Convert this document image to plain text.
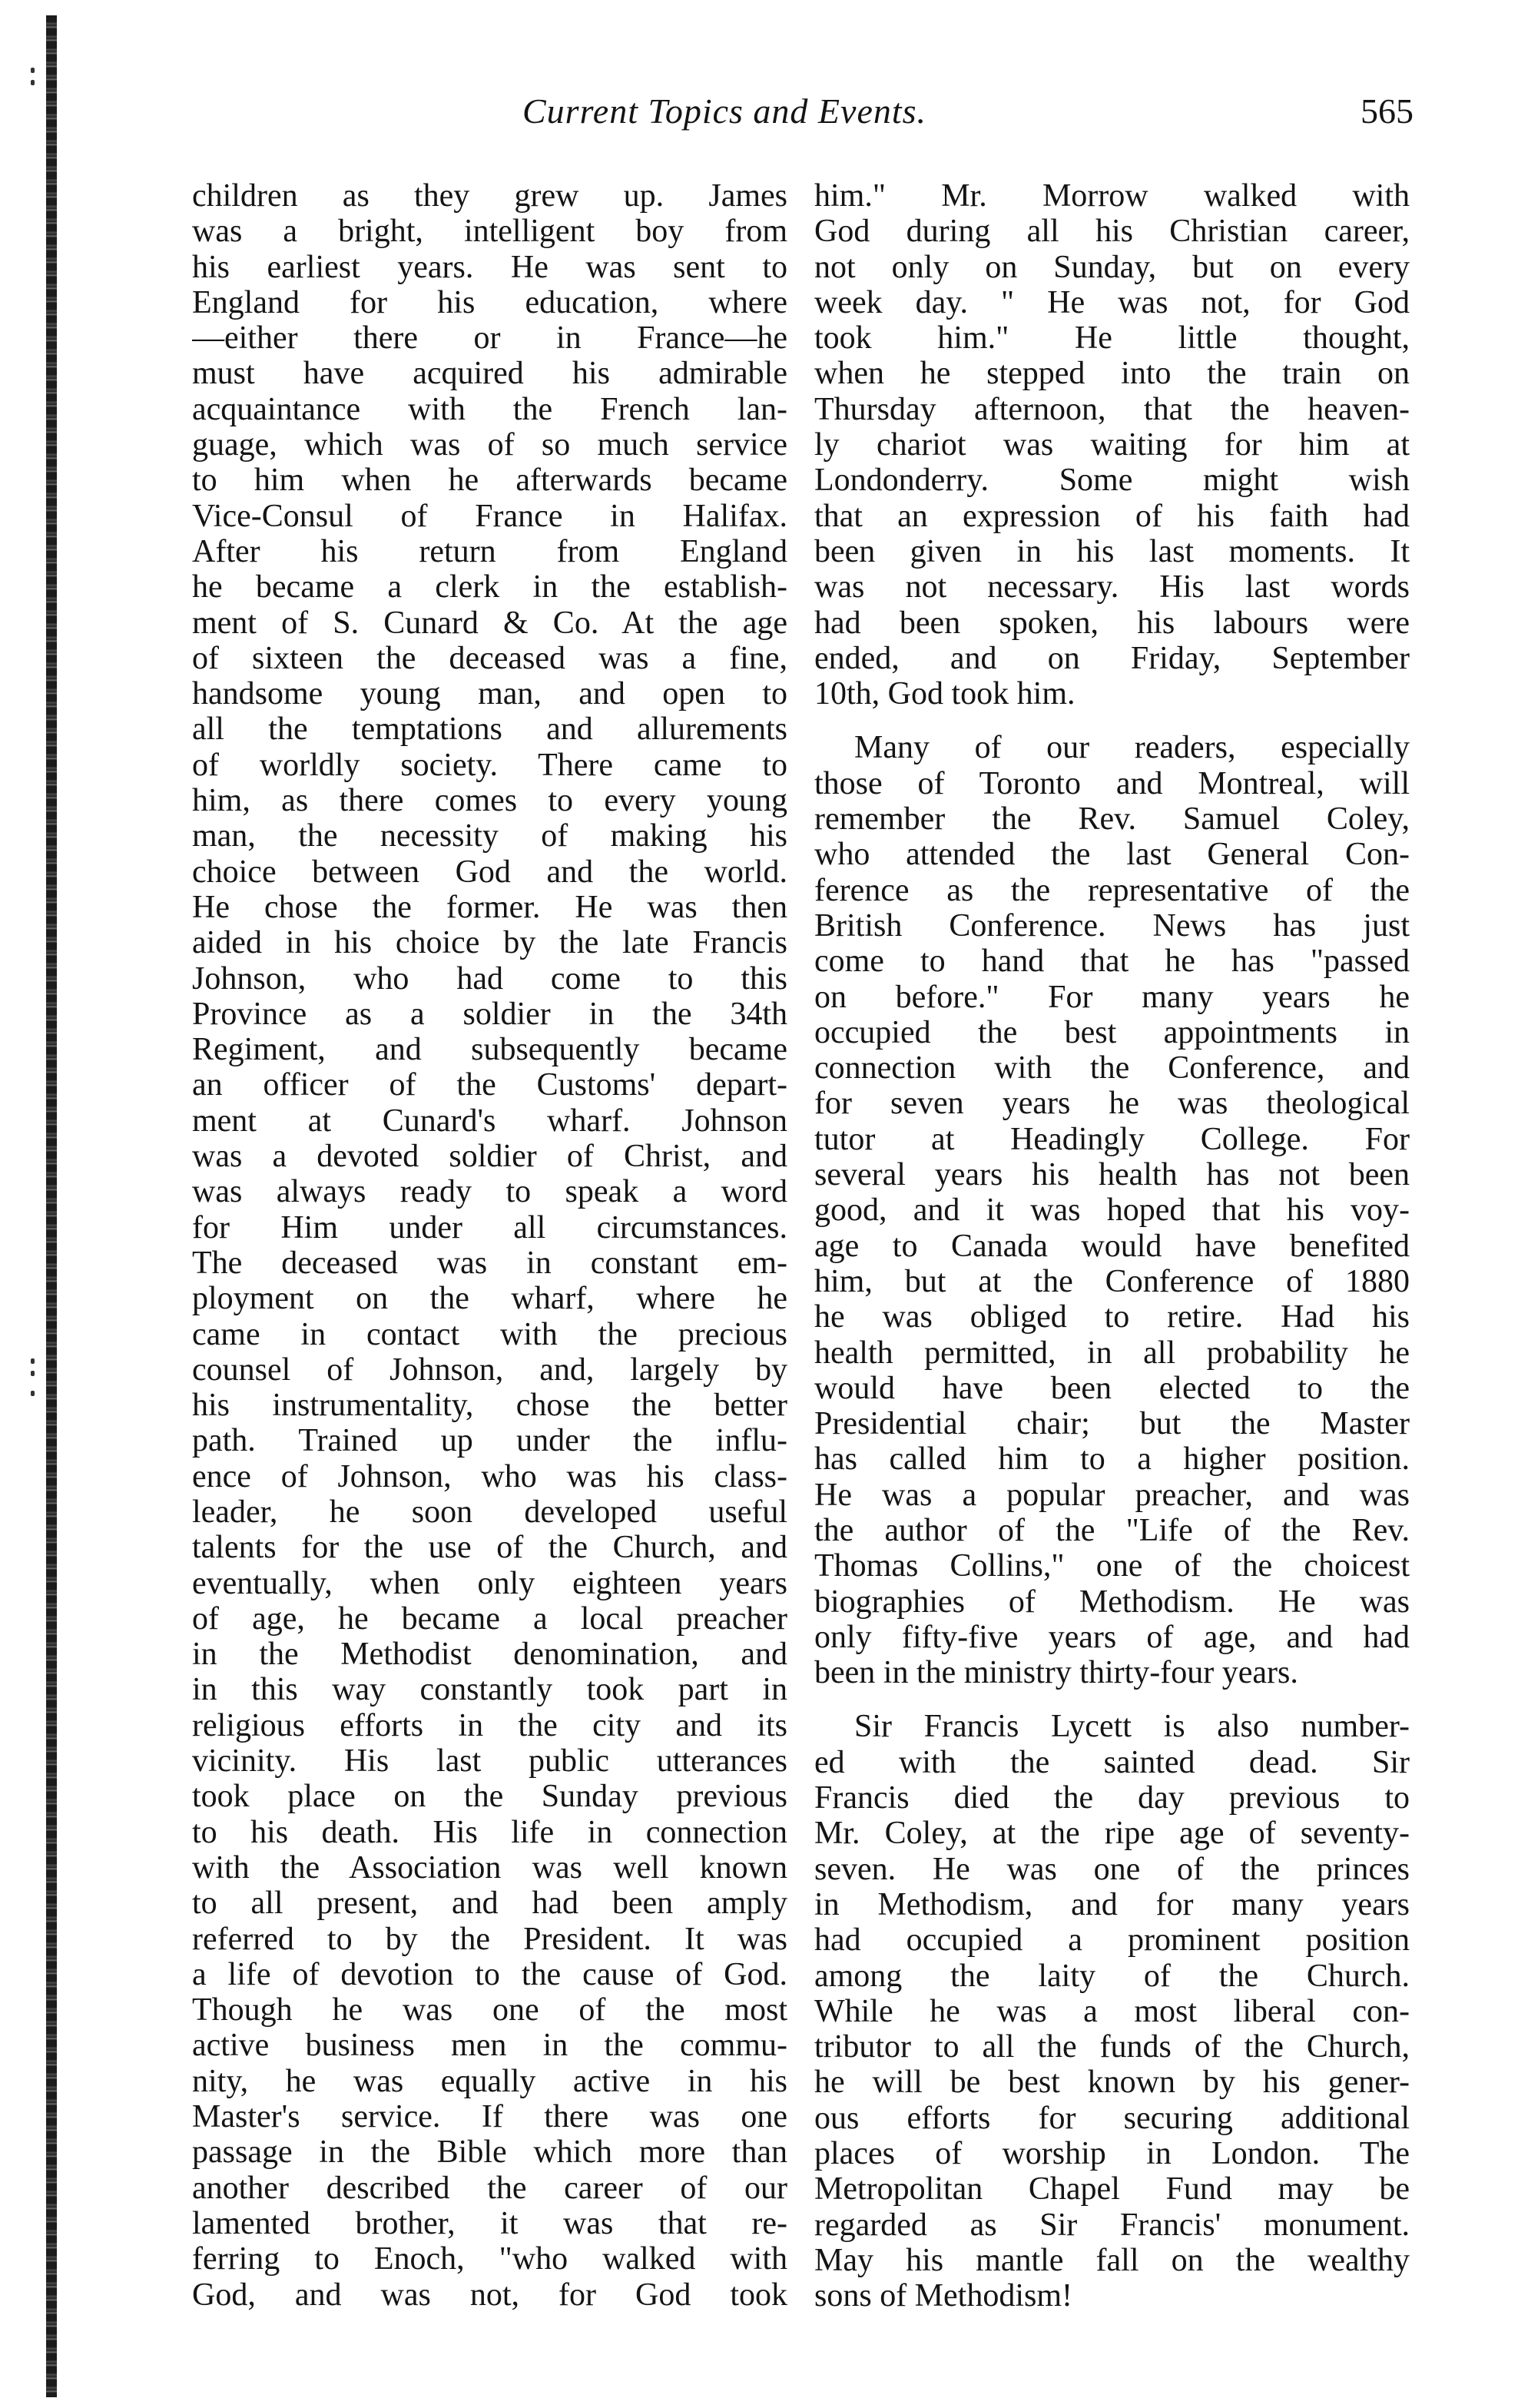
Current Topics and Events.	565
children as they grew up. James
was a bright, intelligent boy from
his earliest years. He was sent to
England for his education, where
—either there or in France—he
must have acquired his admirable
acquaintance with the French lan-
guage, which was of so much service
to him when he afterwards became
Vice-Consul of France in Halifax.
After his return from England
he became a clerk in the establish-
ment of S. Cunard & Co. At the age
of sixteen the deceased was a fine,
handsome young man, and open to
all the temptations and allurements
of worldly society. There came to
him, as there comes to every young
man, the necessity of making his
choice between God and the world.
He chose the former. He was then
aided in his choice by the late Francis
Johnson, who had come to this
Province as a soldier in the 34th
Regiment, and subsequently became
an officer of the Customs' depart-
ment at Cunard's wharf. Johnson
was a devoted soldier of Christ, and
was always ready to speak a word
for Him under all circumstances.
The deceased was in constant em-
ployment on the wharf, where he
came in contact with the precious
counsel of Johnson, and, largely by
his instrumentality, chose the better
path. Trained up under the influ-
ence of Johnson, who was his class-
leader, he soon developed useful
talents for the use of the Church, and
eventually, when only eighteen years
of age, he became a local preacher
in the Methodist denomination, and
in this way constantly took part in
religious efforts in the city and its
vicinity. His last public utterances
took place on the Sunday previous
to his death. His life in connection
with the Association was well known
to all present, and had been amply
referred to by the President. It was
a life of devotion to the cause of God.
Though he was one of the most
active business men in the commu-
nity, he was equally active in his
Master's service. If there was one
passage in the Bible which more than
another described the career of our
lamented brother, it was that re-
ferring to Enoch, "who walked with
God, and was not, for God took
him." Mr. Morrow walked with
God during all his Christian career,
not only on Sunday, but on every
week day. " He was not, for God
took him." He little thought,
when he stepped into the train on
Thursday afternoon, that the heaven-
ly chariot was waiting for him at
Londonderry. Some might wish
that an expression of his faith had
been given in his last moments. It
was not necessary. His last words
had been spoken, his labours were
ended, and on Friday, September
10th, God took him.
Many of our readers, especially
those of Toronto and Montreal, will
remember the Rev. Samuel Coley,
who attended the last General Con-
ference as the representative of the
British Conference. News has just
come to hand that he has "passed
on before." For many years he
occupied the best appointments in
connection with the Conference, and
for seven years he was theological
tutor at Headingly College. For
several years his health has not been
good, and it was hoped that his voy-
age to Canada would have benefited
him, but at the Conference of 1880
he was obliged to retire. Had his
health permitted, in all probability he
would have been elected to the
Presidential chair; but the Master
has called him to a higher position.
He was a popular preacher, and was
the author of the "Life of the Rev.
Thomas Collins," one of the choicest
biographies of Methodism. He was
only fifty-five years of age, and had
been in the ministry thirty-four years.
Sir Francis Lycett is also number-
ed with the sainted dead. Sir
Francis died the day previous to
Mr. Coley, at the ripe age of seventy-
seven. He was one of the princes
in Methodism, and for many years
had occupied a prominent position
among the laity of the Church.
While he was a most liberal con-
tributor to all the funds of the Church,
he will be best known by his gener-
ous efforts for securing additional
places of worship in London. The
Metropolitan Chapel Fund may be
regarded as Sir Francis' monument.
May his mantle fall on the wealthy
sons of Methodism!
